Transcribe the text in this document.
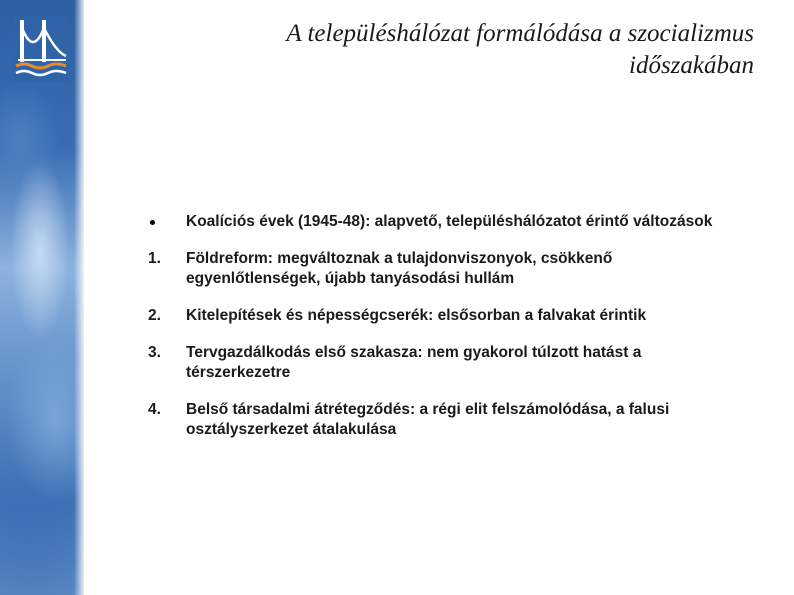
A településhálózat formálódása a szocializmus
időszakában
Koalíciós évek (1945-48): alapvető, településhálózatot érintő változások
1.	Földreform: megváltoznak a tulajdonviszonyok, csökkenő egyenlőtlenségek, újabb tanyásodási hullám
2.	Kitelepítések és népességcserék: elsősorban a falvakat érintik
3.	Tervgazdálkodás első szakasza: nem gyakorol túlzott hatást a térszerkezetre
4.	Belső társadalmi átrétegződés: a régi elit felszámolódása, a falusi osztályszerkezet átalakulása
